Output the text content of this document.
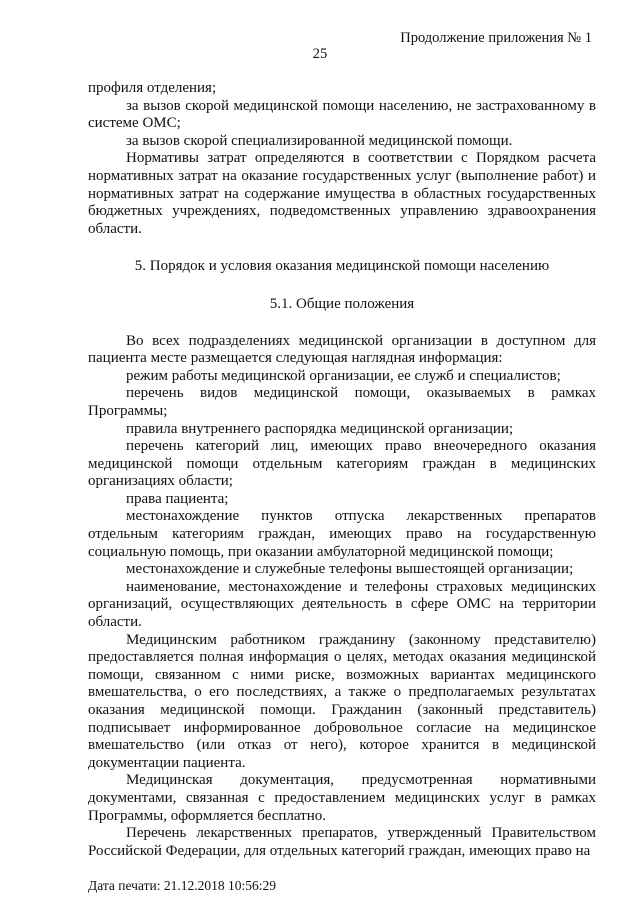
Продолжение приложения № 1
25

профиля отделения;

за вызов скорой медицинской помощи населению, не застрахованному в системе ОМС;

за вызов скорой специализированной медицинской помощи.

Нормативы затрат определяются в соответствии с Порядком расчета нормативных затрат на оказание государственных услуг (выполнение работ) и нормативных затрат на содержание имущества в областных государственных бюджетных учреждениях, подведомственных управлению здравоохранения области.

5. Порядок и условия оказания медицинской помощи населению

5.1. Общие положения

Во всех подразделениях медицинской организации в доступном для пациента месте размещается следующая наглядная информация:

режим работы медицинской организации, ее служб и специалистов;

перечень видов медицинской помощи, оказываемых в рамках Программы;

правила внутреннего распорядка медицинской организации;

перечень категорий лиц, имеющих право внеочередного оказания медицинской помощи отдельным категориям граждан в медицинских организациях области;

права пациента;

местонахождение пунктов отпуска лекарственных препаратов отдельным категориям граждан, имеющих право на государственную социальную помощь, при оказании амбулаторной медицинской помощи;

местонахождение и служебные телефоны вышестоящей организации;

наименование, местонахождение и телефоны страховых медицинских организаций, осуществляющих деятельность в сфере ОМС на территории области.

Медицинским работником гражданину (законному представителю) предоставляется полная информация о целях, методах оказания медицинской помощи, связанном с ними риске, возможных вариантах медицинского вмешательства, о его последствиях, а также о предполагаемых результатах оказания медицинской помощи. Гражданин (законный представитель) подписывает информированное добровольное согласие на медицинское вмешательство (или отказ от него), которое хранится в медицинской документации пациента.

Медицинская документация, предусмотренная нормативными документами, связанная с предоставлением медицинских услуг в рамках Программы, оформляется бесплатно.

Перечень лекарственных препаратов, утвержденный Правительством Российской Федерации, для отдельных категорий граждан, имеющих право на

Дата печати: 21.12.2018 10:56:29
